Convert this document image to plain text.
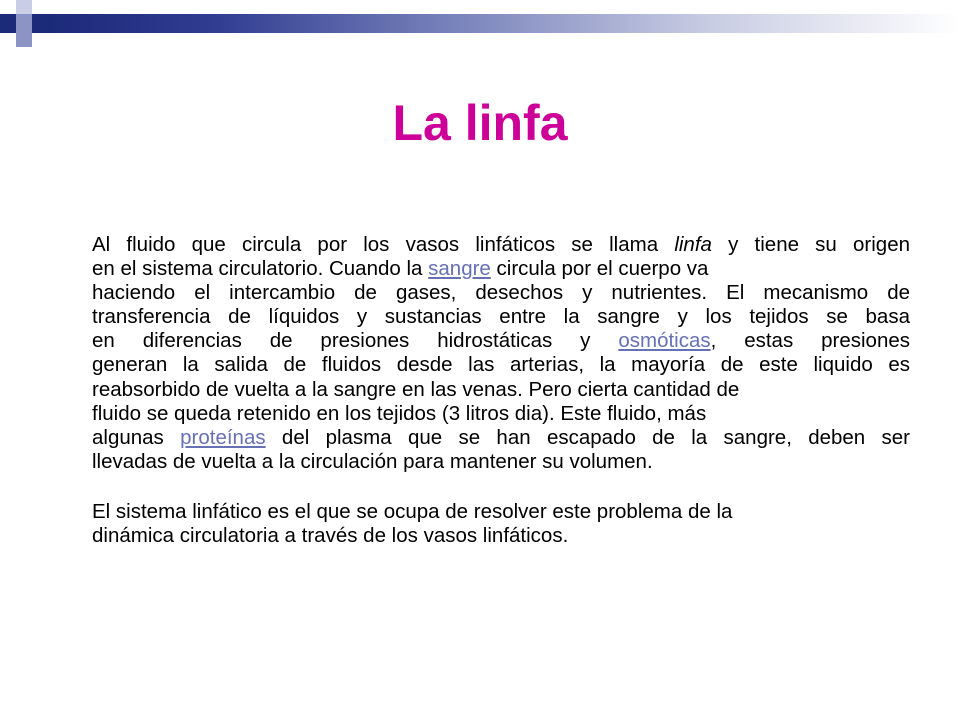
La linfa
Al fluido que circula por los vasos linfáticos se llama linfa y tiene su origen
en el sistema circulatorio. Cuando la sangre circula por el cuerpo va
haciendo el intercambio de gases, desechos y nutrientes. El mecanismo de
transferencia de líquidos y sustancias entre la sangre y los tejidos se basa
en diferencias de presiones hidrostáticas y osmóticas, estas presiones
generan la salida de fluidos desde las arterias, la mayoría de este liquido es
reabsorbido de vuelta a la sangre en las venas. Pero cierta cantidad de
fluido se queda retenido en los tejidos (3 litros dia). Este fluido, más
algunas proteínas del plasma que se han escapado de la sangre, deben ser
llevadas de vuelta a la circulación para mantener su volumen.
El sistema linfático es el que se ocupa de resolver este problema de la
dinámica circulatoria a través de los vasos linfáticos.
